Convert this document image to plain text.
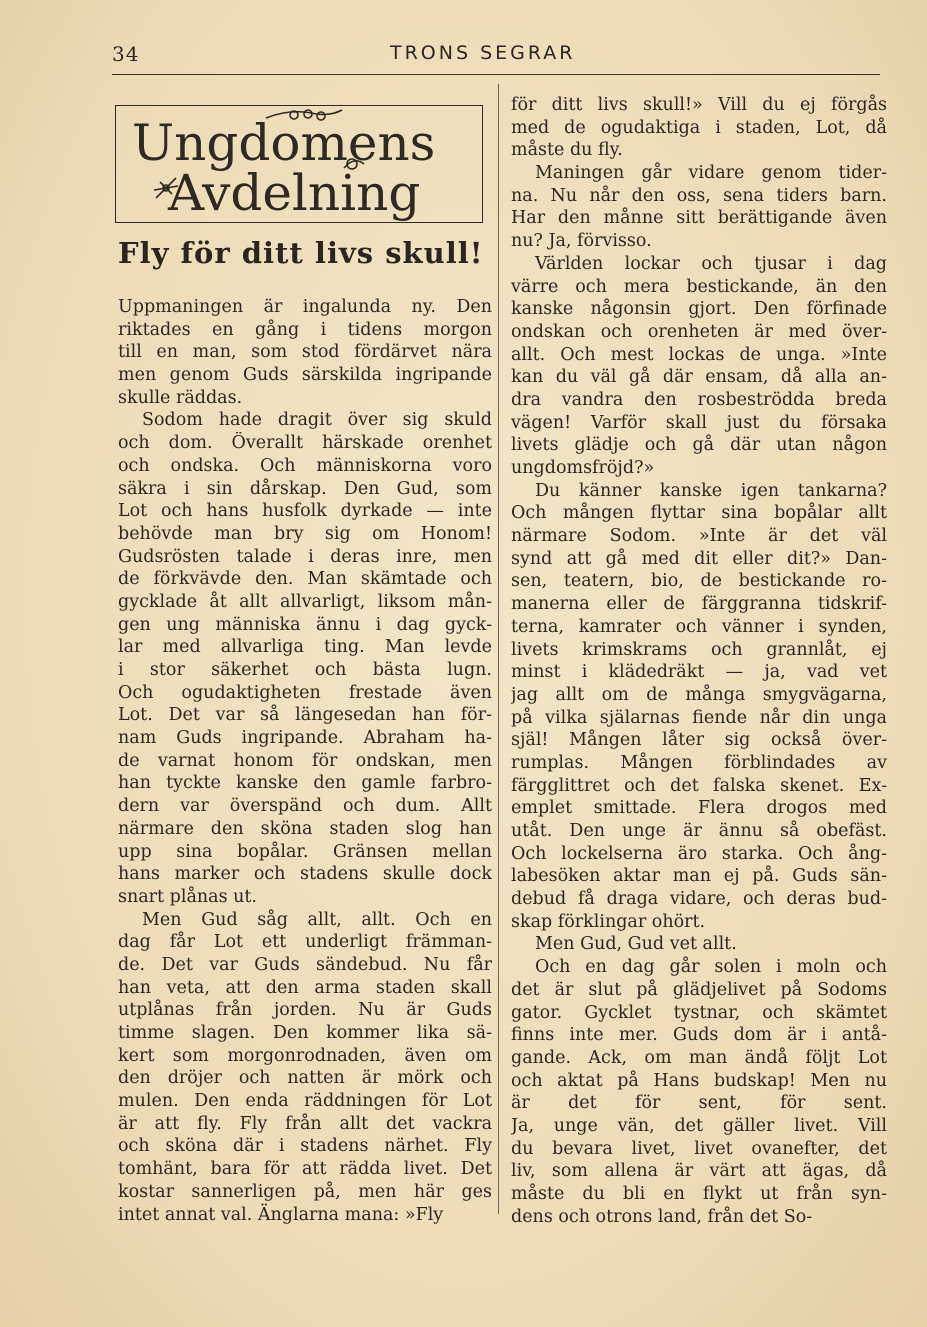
34	TRONS SEGRAR
Ungdomens
Avdelning
Fly för ditt livs skull!
Uppmaningen är ingalunda ny. Den
riktades en gång i tidens morgon
till en man, som stod fördärvet nära
men genom Guds särskilda ingripande
skulle räddas.
Sodom hade dragit över sig skuld
och dom. Överallt härskade orenhet
och ondska. Och människorna voro
säkra i sin dårskap. Den Gud, som
Lot och hans husfolk dyrkade — inte
behövde man bry sig om Honom!
Gudsrösten talade i deras inre, men
de förkvävde den. Man skämtade och
gycklade åt allt allvarligt, liksom mån-
gen ung människa ännu i dag gyck-
lar med allvarliga ting. Man levde
i stor säkerhet och bästa lugn.
Och ogudaktigheten frestade även
Lot. Det var så längesedan han för-
nam Guds ingripande. Abraham ha-
de varnat honom för ondskan, men
han tyckte kanske den gamle farbro-
dern var överspänd och dum. Allt
närmare den sköna staden slog han
upp sina bopålar. Gränsen mellan
hans marker och stadens skulle dock
snart plånas ut.
Men Gud såg allt, allt. Och en
dag får Lot ett underligt främman-
de. Det var Guds sändebud. Nu får
han veta, att den arma staden skall
utplånas från jorden. Nu är Guds
timme slagen. Den kommer lika sä-
kert som morgonrodnaden, även om
den dröjer och natten är mörk och
mulen. Den enda räddningen för Lot
är att fly. Fly från allt det vackra
och sköna där i stadens närhet. Fly
tomhänt, bara för att rädda livet. Det
kostar sannerligen på, men här ges
intet annat val. Änglarna mana: »Fly
för ditt livs skull!» Vill du ej förgås
med de ogudaktiga i staden, Lot, då
måste du fly.
Maningen går vidare genom tider-
na. Nu når den oss, sena tiders barn.
Har den månne sitt berättigande även
nu? Ja, förvisso.
Världen lockar och tjusar i dag
värre och mera bestickande, än den
kanske någonsin gjort. Den förfinade
ondskan och orenheten är med över-
allt. Och mest lockas de unga. »Inte
kan du väl gå där ensam, då alla an-
dra vandra den rosbeströdda breda
vägen! Varför skall just du försaka
livets glädje och gå där utan någon
ungdomsfröjd?»
Du känner kanske igen tankarna?
Och mången flyttar sina bopålar allt
närmare Sodom. »Inte är det väl
synd att gå med dit eller dit?» Dan-
sen, teatern, bio, de bestickande ro-
manerna eller de färggranna tidskrif-
terna, kamrater och vänner i synden,
livets krimskrams och grannlåt, ej
minst i klädedräkt — ja, vad vet
jag allt om de många smygvägarna,
på vilka själarnas fiende når din unga
själ! Mången låter sig också över-
rumplas. Mången förblindades av
färgglittret och det falska skenet. Ex-
emplet smittade. Flera drogos med
utåt. Den unge är ännu så obefäst.
Och lockelserna äro starka. Och ång-
labesöken aktar man ej på. Guds sän-
debud få draga vidare, och deras bud-
skap förklingar ohört.
Men Gud, Gud vet allt.
Och en dag går solen i moln och
det är slut på glädjelivet på Sodoms
gator. Gycklet tystnar, och skämtet
finns inte mer. Guds dom är i antå-
gande. Ack, om man ändå följt Lot
och aktat på Hans budskap! Men nu
är det för sent, för sent.
Ja, unge vän, det gäller livet. Vill
du bevara livet, livet ovanefter, det
liv, som allena är värt att ägas, då
måste du bli en flykt ut från syn-
dens och otrons land, från det So-
